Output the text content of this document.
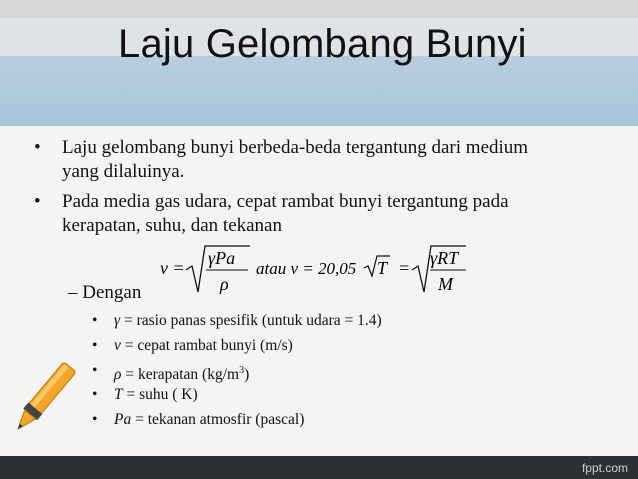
Laju Gelombang Bunyi
• Laju gelombang bunyi berbeda-beda tergantung dari medium
yang dilaluinya.
• Pada media gas udara, cepat rambat bunyi tergantung pada
kerapatan, suhu, dan tekanan
– Dengan
v = γPa
ρ
atau v = 20,05 T = γRT
M
• γ = rasio panas spesifik (untuk udara = 1.4)
• v = cepat rambat bunyi (m/s)
• ρ = kerapatan $(kg/m^3)$
• T = suhu ( K)
• Pa = tekanan atmosfir (pascal)
fppt.com
